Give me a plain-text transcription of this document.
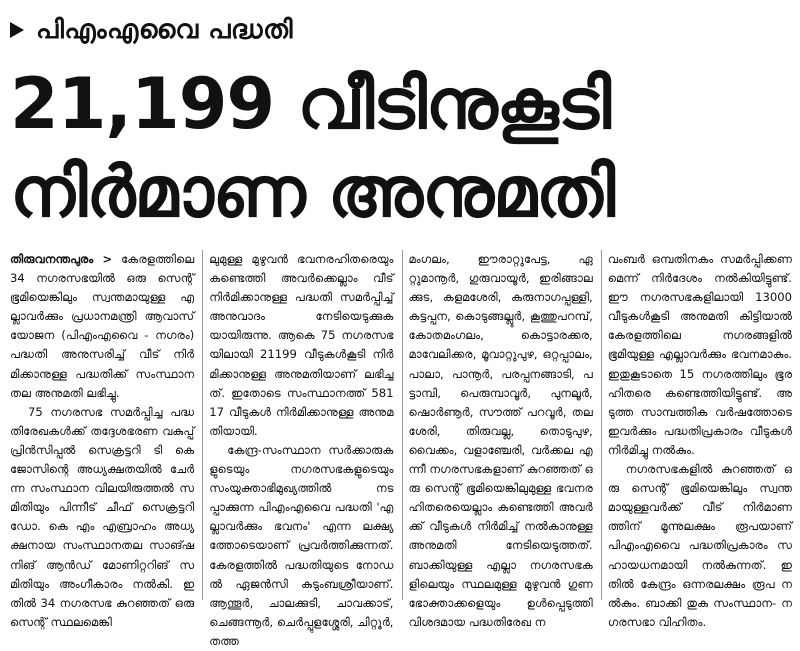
പിഎംഎവൈ പദ്ധതി
21,199 വീടിനുകൂടി
നിർമാണ അനുമതി

തിരുവനന്തപുരം > കേരളത്തിലെ 34 നഗരസഭയിൽ ഒരു സെന്റ് ഭൂമിയെങ്കിലും സ്വന്തമായുള്ള എല്ലാവർക്കും പ്രധാനമന്ത്രി ആവാസ് യോജന (പിഎംഎവൈ - നഗരം) പദ്ധതി അനുസരിച്ച് വീട് നിർമിക്കാനുള്ള പദ്ധതിക്ക് സംസ്ഥാനതല അനുമതി ലഭിച്ചു.

75 നഗരസഭ സമർപ്പിച്ച പദ്ധതിരേഖകൾക്ക് തദ്ദേശഭരണ വകുപ്പ് പ്രിൻസിപ്പൽ സെക്രട്ടറി ടി കെ ജോസിന്റെ അധ്യക്ഷതയിൽ ചേർന്ന സംസ്ഥാന വിലയിരുത്തൽ സമിതിയും പിന്നീട് ചീഫ് സെക്രട്ടറി ഡോ. കെ എം എബ്രാഹം അധ്യക്ഷനായ സംസ്ഥാനതല സാങ്ഷനിങ് ആൻഡ് മോണിറ്ററിങ് സമിതിയും അംഗീകാരം നൽകി. ഇതിൽ 34 നഗരസഭ കുറഞ്ഞത് ഒരു സെന്റ് സ്ഥലമെങ്കി

ലുമുള്ള മുഴുവൻ ഭവനരഹിതരെയും കണ്ടെത്തി അവർക്കെല്ലാം വീട് നിർമിക്കാനുള്ള പദ്ധതി സമർപ്പിച്ച് അനുവാദം നേടിയെടുക്കുകയായിരുന്നു. ആകെ 75 നഗരസഭയിലായി 21199 വീടുകൾകൂടി നിർമിക്കാനുള്ള അനുമതിയാണ് ലഭിച്ചത്. ഇതോടെ സംസ്ഥാനത്ത് 58117 വീടുകൾ നിർമിക്കാനുള്ള അനുമതിയായി.

കേന്ദ്ര-സംസ്ഥാന സർക്കാരുകളുടെയും നഗരസഭകളുടെയും സംയുക്താഭിമുഖ്യത്തിൽ നടപ്പാക്കുന്ന പിഎംഎവൈ പദ്ധതി 'എല്ലാവർക്കും ഭവനം' എന്ന ലക്ഷ്യത്തോടെയാണ് പ്രവർത്തിക്കുന്നത്. കേരളത്തിൽ പദ്ധതിയുടെ നോഡൽ ഏജൻസി കുടുംബശ്രീയാണ്. ആന്തൂർ, ചാലക്കുടി, ചാവക്കാട്, ചെങ്ങന്നൂർ, ചെർപ്പുളശ്ശേരി, ചിറ്റൂർ, തത്ത

മംഗലം, ഈരാറ്റുപേട്ട, ഏറ്റുമാനൂർ, ഗുരുവായൂർ, ഇരിങ്ങാലക്കുട, കളമശേരി, കരുനാഗപ്പള്ളി, കട്ടപ്പന, കൊടുങ്ങല്ലൂർ, കൂത്തുപറമ്പ്, കോതമംഗലം, കൊട്ടാരക്കര, മാവേലിക്കര, മൂവാറ്റുപുഴ, ഒറ്റപ്പാലം, പാലാ, പാനൂർ, പരപ്പനങ്ങാടി, പട്ടാമ്പി, പെരുമ്പാവൂർ, പുനലൂർ, ഷൊർണൂർ, സൗത്ത് പറവൂർ, തലശേരി, തിരുവല്ല, തൊടുപുഴ, വൈക്കം, വളാഞ്ചേരി, വർക്കല എന്നീ നഗരസഭകളാണ് കുറഞ്ഞത് ഒരു സെന്റ് ഭൂമിയെങ്കിലുമുള്ള ഭവനരഹിതരെയെല്ലാം കണ്ടെത്തി അവർക്ക് വീടുകൾ നിർമിച്ച് നൽകാനുള്ള അനുമതി നേടിയെടുത്തത്. ബാക്കിയുള്ള എല്ലാ നഗരസഭകളിലെയും സ്ഥലമുള്ള മുഴുവൻ ഗുണഭോക്താക്കളെയും ഉൾപ്പെടുത്തി വിശദമായ പദ്ധതിരേഖ ന

വംബർ ഒമ്പതിനകം സമർപ്പിക്കണമെന്ന് നിർദേശം നൽകിയിട്ടുണ്ട്. ഈ നഗരസഭകളിലായി 13000 വീടുകൾകൂടി അനുമതി കിട്ടിയാൽ കേരളത്തിലെ നഗരങ്ങളിൽ ഭൂമിയുള്ള എല്ലാവർക്കും ഭവനമാകും. ഇതുകൂടാതെ 15 നഗരത്തിലും ഭൂരഹിതരെ കണ്ടെത്തിയിട്ടുണ്ട്. അടുത്ത സാമ്പത്തിക വർഷത്തോടെ ഇവർക്കും പദ്ധതിപ്രകാരം വീടുകൾ നിർമിച്ചു നൽകും.

നഗരസഭകളിൽ കുറഞ്ഞത് ഒരു സെന്റ് ഭൂമിയെങ്കിലും സ്വന്തമായുള്ളവർക്ക് വീട് നിർമാണത്തിന് മൂന്നുലക്ഷം രൂപയാണ് പിഎംഎവൈ പദ്ധതിപ്രകാരം സഹായധനമായി നൽകുന്നത്. ഇതിൽ കേന്ദ്രം ഒന്നരലക്ഷം രൂപ നൽകും. ബാക്കി തുക സംസ്ഥാന- നഗരസഭാ വിഹിതം.
